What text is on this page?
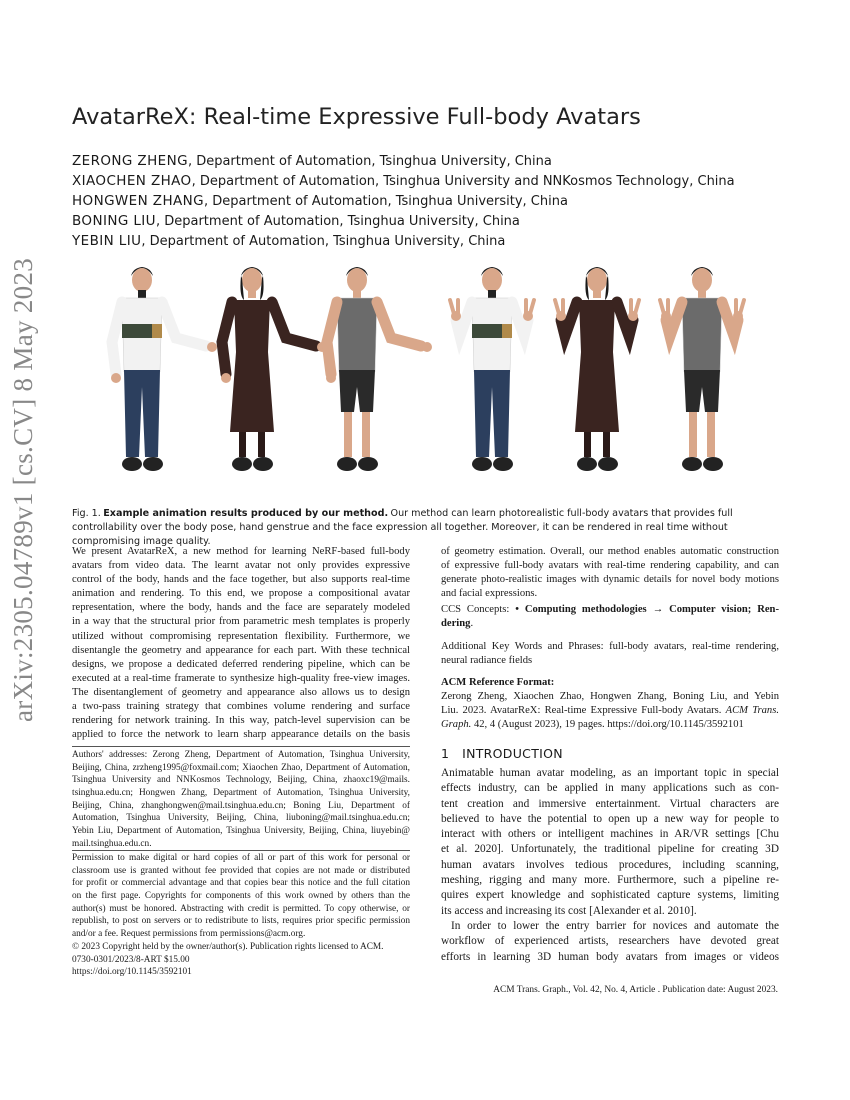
arXiv:2305.04789v1 [cs.CV] 8 May 2023
AvatarReX: Real-time Expressive Full-body Avatars
ZERONG ZHENG, Department of Automation, Tsinghua University, China
XIAOCHEN ZHAO, Department of Automation, Tsinghua University and NNKosmos Technology, China
HONGWEN ZHANG, Department of Automation, Tsinghua University, China
BONING LIU, Department of Automation, Tsinghua University, China
YEBIN LIU, Department of Automation, Tsinghua University, China
Fig. 1. Example animation results produced by our method. Our method can learn photorealistic full-body avatars that provides full controllability over the body pose, hand genstrue and the face expression all together. Moreover, it can be rendered in real time without compromising image quality.
We present AvatarReX, a new method for learning NeRF-based full-body
avatars from video data. The learnt avatar not only provides expressive
control of the body, hands and the face together, but also supports real-time
animation and rendering. To this end, we propose a compositional avatar
representation, where the body, hands and the face are separately modeled
in a way that the structural prior from parametric mesh templates is properly
utilized without compromising representation flexibility. Furthermore, we
disentangle the geometry and appearance for each part. With these technical
designs, we propose a dedicated deferred rendering pipeline, which can be
executed at a real-time framerate to synthesize high-quality free-view images.
The disentanglement of geometry and appearance also allows us to design
a two-pass training strategy that combines volume rendering and surface
rendering for network training. In this way, patch-level supervision can be
applied to force the network to learn sharp appearance details on the basis
Authors' addresses: Zerong Zheng, Department of Automation, Tsinghua University,
Beijing, China, zrzheng1995@foxmail.com; Xiaochen Zhao, Department of Automation,
Tsinghua University and NNKosmos Technology, Beijing, China, zhaoxc19@mails.
tsinghua.edu.cn; Hongwen Zhang, Department of Automation, Tsinghua University,
Beijing, China, zhanghongwen@mail.tsinghua.edu.cn; Boning Liu, Department of
Automation, Tsinghua University, Beijing, China, liuboning@mail.tsinghua.edu.cn;
Yebin Liu, Department of Automation, Tsinghua University, Beijing, China, liuyebin@
mail.tsinghua.edu.cn.
Permission to make digital or hard copies of all or part of this work for personal or
classroom use is granted without fee provided that copies are not made or distributed
for profit or commercial advantage and that copies bear this notice and the full citation
on the first page. Copyrights for components of this work owned by others than the
author(s) must be honored. Abstracting with credit is permitted. To copy otherwise, or
republish, to post on servers or to redistribute to lists, requires prior specific permission
and/or a fee. Request permissions from permissions@acm.org.
© 2023 Copyright held by the owner/author(s). Publication rights licensed to ACM.
0730-0301/2023/8-ART $15.00
https://doi.org/10.1145/3592101
of geometry estimation. Overall, our method enables automatic construction
of expressive full-body avatars with real-time rendering capability, and can
generate photo-realistic images with dynamic details for novel body motions
and facial expressions.
CCS Concepts: • Computing methodologies → Computer vision; Ren-
dering.
Additional Key Words and Phrases: full-body avatars, real-time rendering,
neural radiance fields
ACM Reference Format:
Zerong Zheng, Xiaochen Zhao, Hongwen Zhang, Boning Liu, and Yebin
Liu. 2023. AvatarReX: Real-time Expressive Full-body Avatars. ACM Trans.
Graph. 42, 4 (August 2023), 19 pages. https://doi.org/10.1145/3592101
1 INTRODUCTION
Animatable human avatar modeling, as an important topic in special
effects industry, can be applied in many applications such as con-
tent creation and immersive entertainment. Virtual characters are
believed to have the potential to open up a new way for people to
interact with others or intelligent machines in AR/VR settings [Chu
et al. 2020]. Unfortunately, the traditional pipeline for creating 3D
human avatars involves tedious procedures, including scanning,
meshing, rigging and many more. Furthermore, such a pipeline re-
quires expert knowledge and sophisticated capture systems, limiting
its access and increasing its cost [Alexander et al. 2010].
In order to lower the entry barrier for novices and automate the
workflow of experienced artists, researchers have devoted great
efforts in learning 3D human body avatars from images or videos
ACM Trans. Graph., Vol. 42, No. 4, Article . Publication date: August 2023.
